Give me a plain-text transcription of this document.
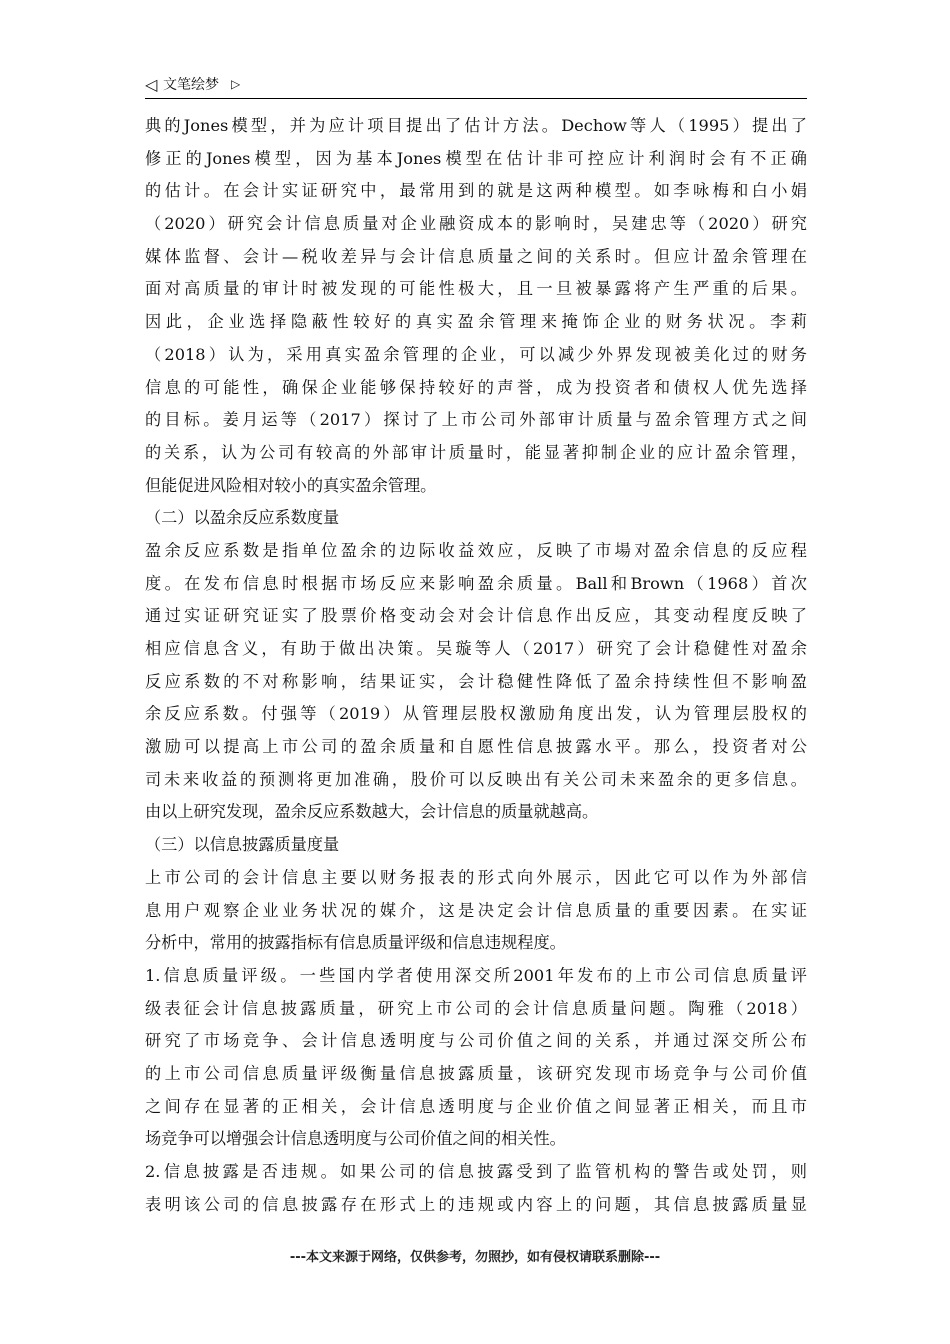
◁ 文笔绘梦 ▷
典的Jones模型，并为应计项目提出了估计方法。Dechow等人（1995）提出了
修正的Jones模型，因为基本Jones模型在估计非可控应计利润时会有不正确
的估计。在会计实证研究中，最常用到的就是这两种模型。如李咏梅和白小娟
（2020）研究会计信息质量对企业融资成本的影响时，吴建忠等（2020）研究
媒体监督、会计—税收差异与会计信息质量之间的关系时。但应计盈余管理在
面对高质量的审计时被发现的可能性极大，且一旦被暴露将产生严重的后果。
因此，企业选择隐蔽性较好的真实盈余管理来掩饰企业的财务状况。李莉
（2018）认为，采用真实盈余管理的企业，可以减少外界发现被美化过的财务
信息的可能性，确保企业能够保持较好的声誉，成为投资者和债权人优先选择
的目标。姜月运等（2017）探讨了上市公司外部审计质量与盈余管理方式之间
的关系，认为公司有较高的外部审计质量时，能显著抑制企业的应计盈余管理，
但能促进风险相对较小的真实盈余管理。
（二）以盈余反应系数度量
盈余反应系数是指单位盈余的边际收益效应，反映了市場对盈余信息的反应程
度。在发布信息时根据市场反应来影响盈余质量。Ball和Brown（1968）首次
通过实证研究证实了股票价格变动会对会计信息作出反应，其变动程度反映了
相应信息含义，有助于做出决策。吴璇等人（2017）研究了会计稳健性对盈余
反应系数的不对称影响，结果证实，会计稳健性降低了盈余持续性但不影响盈
余反应系数。付强等（2019）从管理层股权激励角度出发，认为管理层股权的
激励可以提高上市公司的盈余质量和自愿性信息披露水平。那么，投资者对公
司未来收益的预测将更加准确，股价可以反映出有关公司未来盈余的更多信息。
由以上研究发现，盈余反应系数越大，会计信息的质量就越高。
（三）以信息披露质量度量
上市公司的会计信息主要以财务报表的形式向外展示，因此它可以作为外部信
息用户观察企业业务状况的媒介，这是决定会计信息质量的重要因素。在实证
分析中，常用的披露指标有信息质量评级和信息违规程度。
1.信息质量评级。一些国内学者使用深交所2001年发布的上市公司信息质量评
级表征会计信息披露质量，研究上市公司的会计信息质量问题。陶雅（2018）
研究了市场竞争、会计信息透明度与公司价值之间的关系，并通过深交所公布
的上市公司信息质量评级衡量信息披露质量，该研究发现市场竞争与公司价值
之间存在显著的正相关，会计信息透明度与企业价值之间显著正相关，而且市
场竞争可以增强会计信息透明度与公司价值之间的相关性。
2.信息披露是否违规。如果公司的信息披露受到了监管机构的警告或处罚，则
表明该公司的信息披露存在形式上的违规或内容上的问题，其信息披露质量显
---本文来源于网络，仅供参考，勿照抄，如有侵权请联系删除---
